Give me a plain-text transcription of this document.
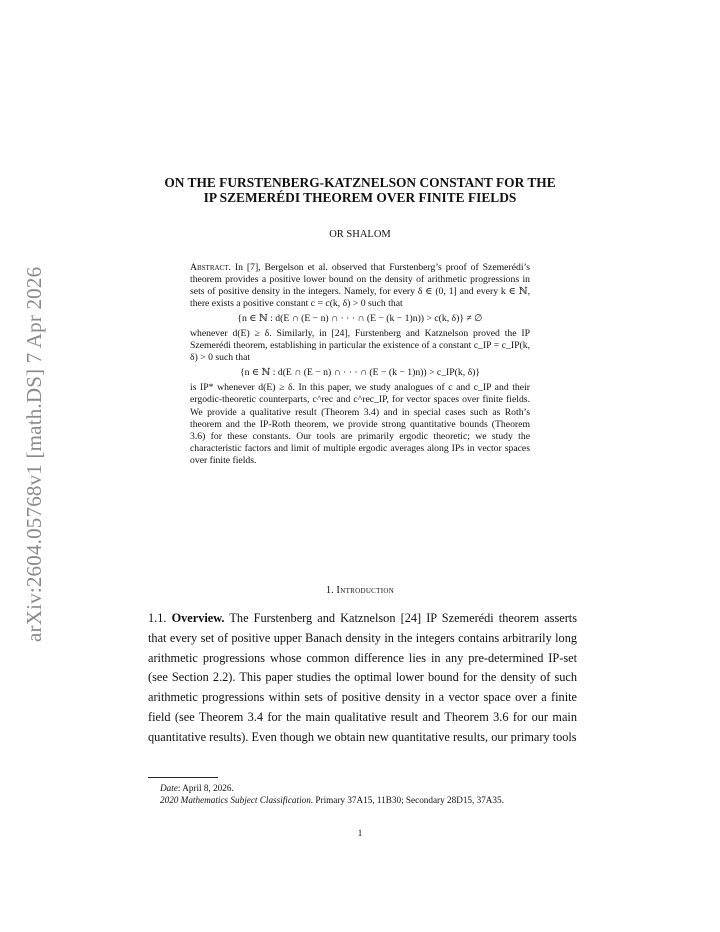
arXiv:2604.05768v1 [math.DS] 7 Apr 2026
ON THE FURSTENBERG-KATZNELSON CONSTANT FOR THE
IP SZEMERÉDI THEOREM OVER FINITE FIELDS
OR SHALOM

Abstract. In [7], Bergelson et al. observed that Furstenberg’s proof of Szemerédi’s theorem provides a positive lower bound on the density of arithmetic progressions in sets of positive density in the integers. Namely, for every δ ∈ (0, 1] and every k ∈ ℕ, there exists a positive constant c = c(k, δ) > 0 such that

{n ∈ ℕ : d(E ∩ (E − n) ∩ · · · ∩ (E − (k − 1)n)) > c(k, δ)} ≠ ∅

whenever d(E) ≥ δ. Similarly, in [24], Furstenberg and Katznelson proved the IP Szemerédi theorem, establishing in particular the existence of a constant c_IP = c_IP(k, δ) > 0 such that

{n ∈ ℕ : d(E ∩ (E − n) ∩ · · · ∩ (E − (k − 1)n)) > c_IP(k, δ)}

is IP* whenever d(E) ≥ δ. In this paper, we study analogues of c and c_IP and their ergodic-theoretic counterparts, c^rec and c^rec_IP, for vector spaces over finite fields. We provide a qualitative result (Theorem 3.4) and in special cases such as Roth’s theorem and the IP-Roth theorem, we provide strong quantitative bounds (Theorem 3.6) for these constants. Our tools are primarily ergodic theoretic; we study the characteristic factors and limit of multiple ergodic averages along IPs in vector spaces over finite fields.

1. Introduction

1.1. Overview. The Furstenberg and Katznelson [24] IP Szemerédi theorem asserts that every set of positive upper Banach density in the integers contains arbitrarily long arithmetic progressions whose common difference lies in any pre-determined IP-set (see Section 2.2). This paper studies the optimal lower bound for the density of such arithmetic progressions within sets of positive density in a vector space over a finite field (see Theorem 3.4 for the main qualitative result and Theorem 3.6 for our main quantitative results). Even though we obtain new quantitative results, our primary tools

Date: April 8, 2026.

2020 Mathematics Subject Classification. Primary 37A15, 11B30; Secondary 28D15, 37A35.

1
